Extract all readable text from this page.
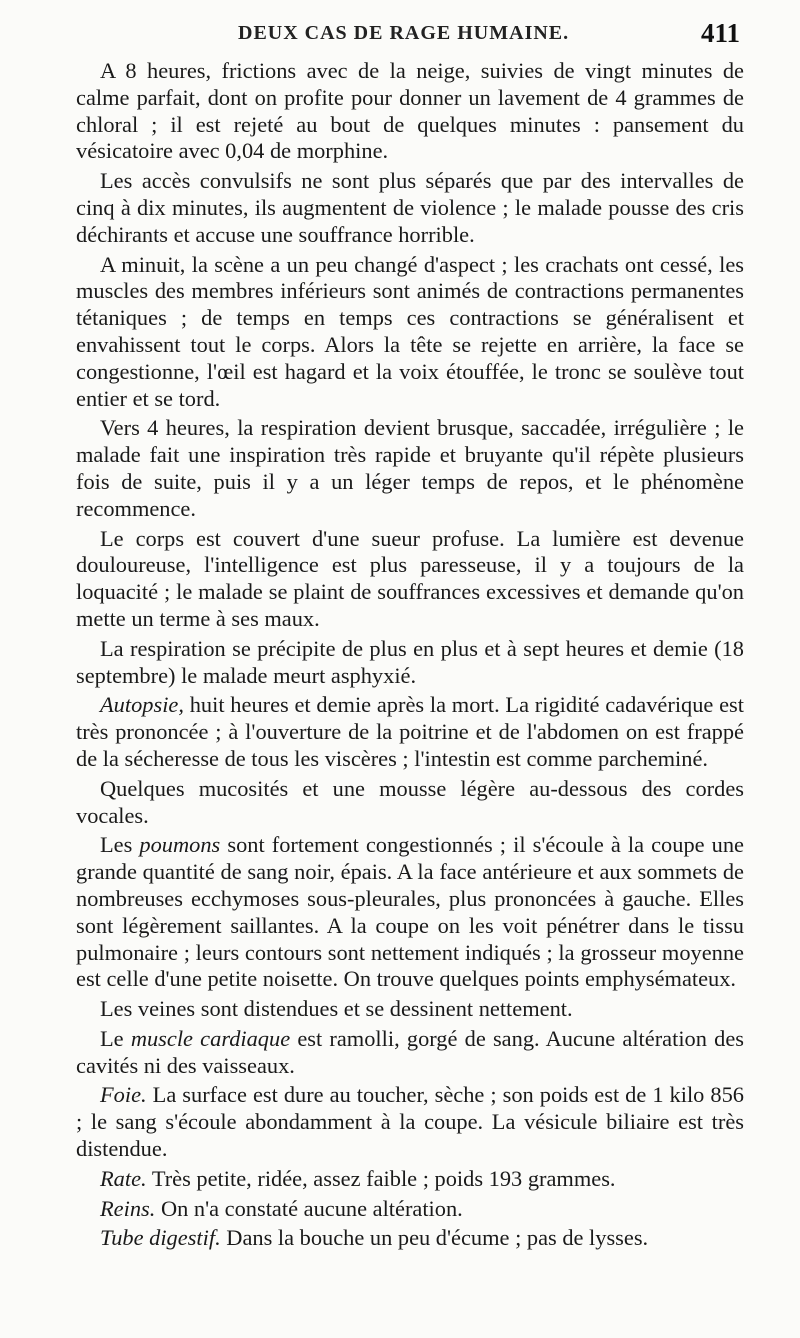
DEUX CAS DE RAGE HUMAINE.	411

A 8 heures, frictions avec de la neige, suivies de vingt minutes de calme parfait, dont on profite pour donner un lavement de 4 grammes de chloral ; il est rejeté au bout de quelques minutes : pansement du vésicatoire avec 0,04 de morphine.

Les accès convulsifs ne sont plus séparés que par des intervalles de cinq à dix minutes, ils augmentent de violence ; le malade pousse des cris déchirants et accuse une souffrance horrible.

A minuit, la scène a un peu changé d'aspect ; les crachats ont cessé, les muscles des membres inférieurs sont animés de contractions permanentes tétaniques ; de temps en temps ces contractions se généralisent et envahissent tout le corps. Alors la tête se rejette en arrière, la face se congestionne, l'œil est hagard et la voix étouffée, le tronc se soulève tout entier et se tord.

Vers 4 heures, la respiration devient brusque, saccadée, irrégulière ; le malade fait une inspiration très rapide et bruyante qu'il répète plusieurs fois de suite, puis il y a un léger temps de repos, et le phénomène recommence.

Le corps est couvert d'une sueur profuse. La lumière est devenue douloureuse, l'intelligence est plus paresseuse, il y a toujours de la loquacité ; le malade se plaint de souffrances excessives et demande qu'on mette un terme à ses maux.

La respiration se précipite de plus en plus et à sept heures et demie (18 septembre) le malade meurt asphyxié.

Autopsie, huit heures et demie après la mort. La rigidité cadavérique est très prononcée ; à l'ouverture de la poitrine et de l'abdomen on est frappé de la sécheresse de tous les viscères ; l'intestin est comme parcheminé.

Quelques mucosités et une mousse légère au-dessous des cordes vocales.

Les poumons sont fortement congestionnés ; il s'écoule à la coupe une grande quantité de sang noir, épais. A la face antérieure et aux sommets de nombreuses ecchymoses sous-pleurales, plus prononcées à gauche. Elles sont légèrement saillantes. A la coupe on les voit pénétrer dans le tissu pulmonaire ; leurs contours sont nettement indiqués ; la grosseur moyenne est celle d'une petite noisette. On trouve quelques points emphysémateux.

Les veines sont distendues et se dessinent nettement.

Le muscle cardiaque est ramolli, gorgé de sang. Aucune altération des cavités ni des vaisseaux.

Foie. La surface est dure au toucher, sèche ; son poids est de 1 kilo 856 ; le sang s'écoule abondamment à la coupe. La vésicule biliaire est très distendue.

Rate. Très petite, ridée, assez faible ; poids 193 grammes.

Reins. On n'a constaté aucune altération.

Tube digestif. Dans la bouche un peu d'écume ; pas de lysses.
